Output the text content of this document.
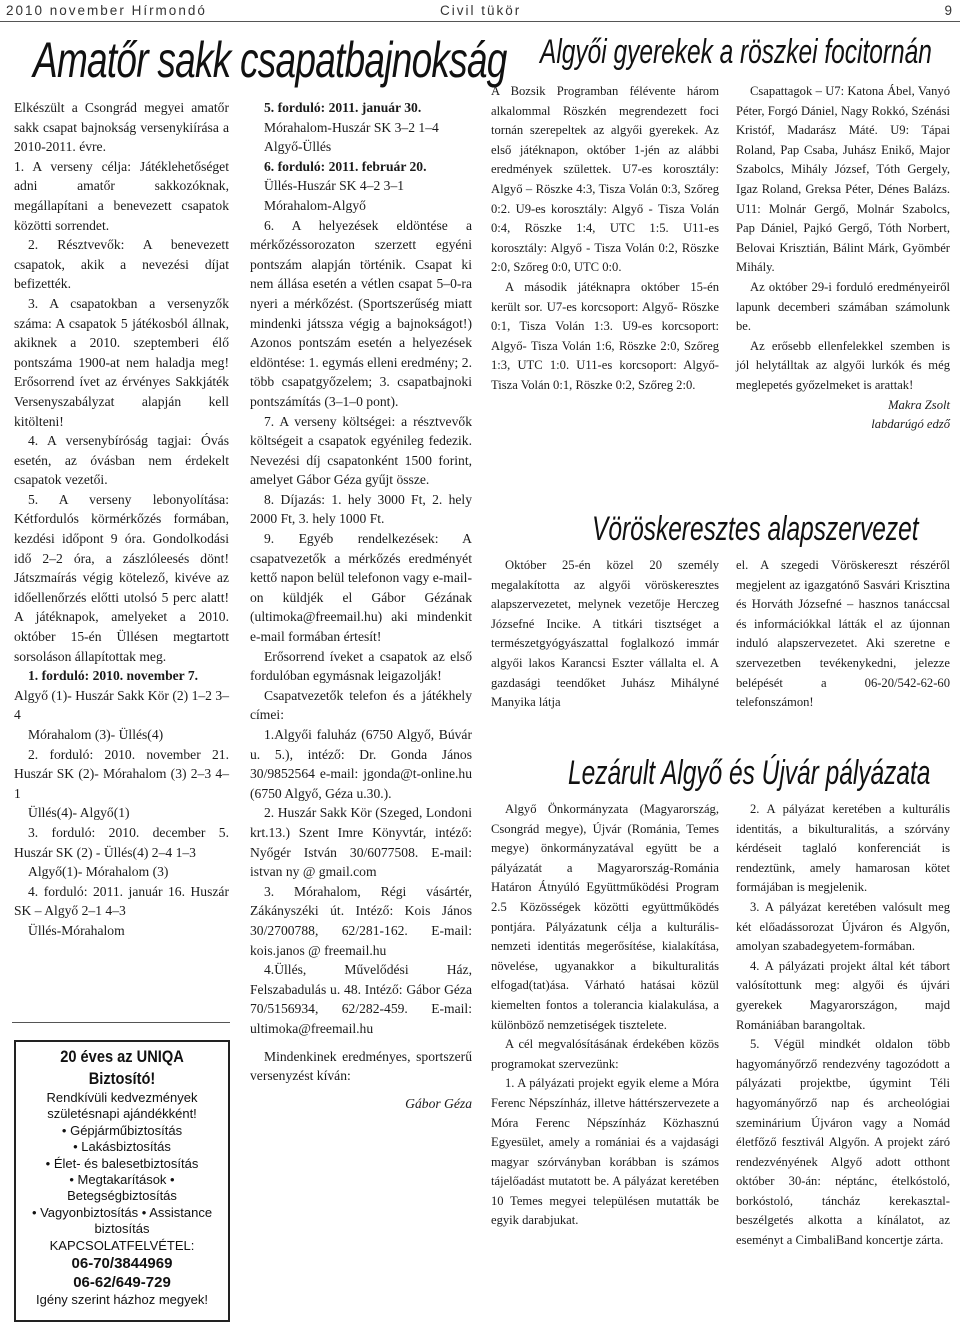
2010 november Hírmondó	Civil tükör	9
Amatőr sakk csapatbajnokság

Elkészült a Csongrád megyei amatőr sakk csapat bajnokság versenykiírása a 2010-2011. évre.

1. A verseny célja: Játéklehetőséget adni amatőr sakkozóknak, megállapítani a benevezett csapatok közötti sorrendet.

2. Résztvevők: A benevezett csapatok, akik a nevezési díjat befizették.

3. A csapatokban a versenyzők száma: A csapatok 5 játékosból állnak, akiknek a 2010. szeptemberi élő pontszáma 1900-at nem haladja meg! Erősorrend ívet az érvényes Sakkjáték Versenyszabályzat alapján kell kitölteni!

4. A versenybíróság tagjai: Óvás esetén, az óvásban nem érdekelt csapatok vezetői.

5. A verseny lebonyolítása: Kétfordulós körmérkőzés formában, kezdési időpont 9 óra. Gondolkodási idő 2–2 óra, a zászlóleesés dönt! Játszmaírás végig kötelező, kivéve az időellenőrzés előtti utolsó 5 perc alatt! A játéknapok, amelyeket a 2010. október 15-én Üllésen megtartott sorsoláson állapítottak meg.

1. forduló: 2010. november 7.

Algyő (1)- Huszár Sakk Kör (2) 1–2 3–4

Mórahalom (3)- Üllés(4)

2. forduló: 2010. november 21. Huszár SK (2)- Mórahalom (3) 2–3 4–1

Üllés(4)- Algyő(1)

3. forduló: 2010. december 5. Huszár SK (2) - Üllés(4) 2–4 1–3

Algyő(1)- Mórahalom (3)

4. forduló: 2011. január 16. Huszár SK – Algyő 2–1 4–3

Üllés-Mórahalom

20 éves az UNIQA Biztosító!
Rendkívüli kedvezmények születésnapi ajándékként!
• Gépjárműbiztosítás
• Lakásbiztosítás
• Élet- és balesetbiztosítás
• Megtakarítások • Betegségbiztosítás
• Vagyonbiztosítás • Assistance biztosítás
KAPCSOLATFELVÉTEL:
06-70/3844969
06-62/649-729
Igény szerint házhoz megyek!

5. forduló: 2011. január 30.

Mórahalom-Huszár SK 3–2 1–4

Algyő-Üllés

6. forduló: 2011. február 20.

Üllés-Huszár SK 4–2 3–1

Mórahalom-Algyő

6. A helyezések eldöntése a mérkőzéssorozaton szerzett egyéni pontszám alapján történik. Csapat ki nem állása esetén a vétlen csapat 5–0-ra nyeri a mérkőzést. (Sportszerűség miatt mindenki játssza végig a bajnokságot!) Azonos pontszám esetén a helyezések eldöntése: 1. egymás elleni eredmény; 2. több csapatgyőzelem; 3. csapatbajnoki pontszámítás (3–1–0 pont).

7. A verseny költségei: a résztvevők költségeit a csapatok egyénileg fedezik. Nevezési díj csapatonként 1500 forint, amelyet Gábor Géza gyűjt össze.

8. Díjazás: 1. hely 3000 Ft, 2. hely 2000 Ft, 3. hely 1000 Ft.

9. Egyéb rendelkezések: A csapatvezetők a mérkőzés eredményét kettő napon belül telefonon vagy e-mail-on küldjék el Gábor Gézának (ultimoka@freemail.hu) aki mindenkit e-mail formában értesít!

Erősorrend íveket a csapatok az első fordulóban egymásnak leigazolják!

Csapatvezetők telefon és a játékhely címei:

1.Algyői faluház (6750 Algyő, Búvár u. 5.), intéző: Dr. Gonda János 30/9852564 e-mail: jgonda@t-online.hu (6750 Algyő, Géza u.30.).

2. Huszár Sakk Kör (Szeged, Londoni krt.13.) Szent Imre Könyvtár, intéző: Nyőgér István 30/6077508. E-mail: istvan ny @ gmail.com

3. Mórahalom, Régi vásártér, Zákányszéki út. Intéző: Kois János 30/2700788, 62/281-162. E-mail: kois.janos @ freemail.hu

4.Üllés, Művelődési Ház, Felszabadulás u. 48. Intéző: Gábor Géza 70/5156934, 62/282-459. E-mail: ultimoka@freemail.hu

Mindenkinek eredményes, sportszerű versenyzést kíván:

Gábor Géza

Algyői gyerekek a röszkei focitornán

A Bozsik Programban félévente három alkalommal Röszkén megrendezett foci tornán szerepeltek az algyői gyerekek. Az első játéknapon, október 1-jén az alábbi eredmények születtek. U7-es korosztály: Algyő – Röszke 4:3, Tisza Volán 0:3, Szőreg 0:2. U9-es korosztály: Algyő - Tisza Volán 0:4, Röszke 1:4, UTC 1:5. U11-es korosztály: Algyő - Tisza Volán 0:2, Röszke 2:0, Szőreg 0:0, UTC 0:0.

A második játéknapra október 15-én került sor. U7-es korcsoport: Algyő- Röszke 0:1, Tisza Volán 1:3. U9-es korcsoport: Algyő- Tisza Volán 1:6, Röszke 2:0, Szőreg 1:3, UTC 1:0. U11-es korcsoport: Algyő- Tisza Volán 0:1, Röszke 0:2, Szőreg 2:0.

Csapattagok – U7: Katona Ábel, Vanyó Péter, Forgó Dániel, Nagy Rokkó, Szénási Kristóf, Madarász Máté. U9: Tápai Roland, Pap Csaba, Juhász Enikő, Major Szabolcs, Mihály József, Tóth Gergely, Igaz Roland, Greksa Péter, Dénes Balázs. U11: Molnár Gergő, Molnár Szabolcs, Pap Dániel, Pajkó Gergő, Tóth Norbert, Belovai Krisztián, Bálint Márk, Gyömbér Mihály.

Az október 29-i forduló eredményeiről lapunk decemberi számában számolunk be.

Az erősebb ellenfelekkel szemben is jól helytálltak az algyői lurkók és még meglepetés győzelmeket is arattak!

Makra Zsolt

labdarúgó edző

Vöröskeresztes alapszervezet

Október 25-én közel 20 személy megalakította az algyői vöröskeresztes alapszervezetet, melynek vezetője Herczeg Józsefné Incike. A titkári tisztséget a természetgyógyászattal foglalkozó immár algyői lakos Karancsi Eszter vállalta el. A gazdasági teendőket Juhász Mihályné Manyika látja

el. A szegedi Vöröskereszt részéről megjelent az igazgatónő Sasvári Krisztina és Horváth Józsefné – hasznos tanáccsal és információkkal látták el az újonnan induló alapszervezetet. Aki szeretne e szervezetben tevékenykedni, jelezze belépését a 06-20/542-62-60 telefonszámon!

Lezárult Algyő és Újvár pályázata

Algyő Önkormányzata (Magyarország, Csongrád megye), Újvár (Románia, Temes megye) önkormányzatával együtt be a pályázatát a Magyarország-Románia Határon Átnyúló Együttműködési Program 2.5 Közösségek közötti együttműködés pontjára. Pályázatunk célja a kulturális-nemzeti identitás megerősítése, kialakítása, növelése, ugyanakkor a bikulturalitás elfogad(tat)ása. Várható hatásai közül kiemelten fontos a tolerancia kialakulása, a különböző nemzetiségek tisztelete.

A cél megvalósításának érdekében közös programokat szervezünk:

1. A pályázati projekt egyik eleme a Móra Ferenc Népszínház, illetve háttérszervezete a Móra Ferenc Népszínház Közhasznú Egyesület, amely a romániai és a vajdasági magyar szórványban korábban is számos tájelőadást mutatott be. A pályázat keretében 10 Temes megyei településen mutatták be egyik darabjukat.

2. A pályázat keretében a kulturális identitás, a bikulturalitás, a szórvány kérdéseit taglaló konferenciát is rendeztünk, amely hamarosan kötet formájában is megjelenik.

3. A pályázat keretében valósult meg két előadássorozat Újváron és Algyőn, amolyan szabadegyetem-formában.

4. A pályázati projekt által két tábort valósítottunk meg: algyői és újvári gyerekek Magyarországon, majd Romániában barangoltak.

5. Végül mindkét oldalon több hagyományőrző rendezvény tagozódott a pályázati projektbe, úgymint Téli hagyományőrző nap és archeológiai szeminárium Újváron vagy a Nomád életfőző fesztivál Algyőn. A projekt záró rendezvényének Algyő adott otthont október 30-án: néptánc, ételkóstoló, borkóstoló, táncház kerekasztal-beszélgetés alkotta a kínálatot, az eseményt a CimbaliBand koncertje zárta.
